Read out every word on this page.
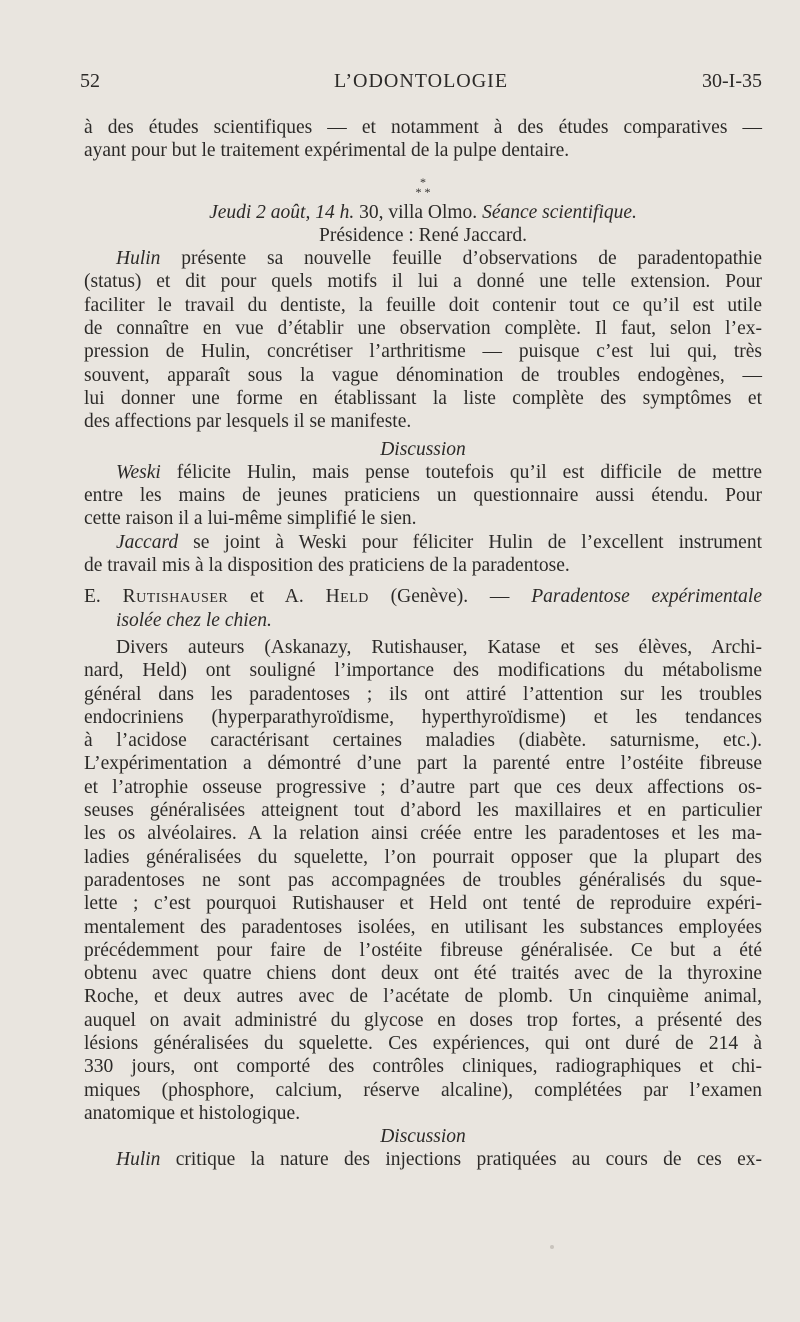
52	L’ODONTOLOGIE	30-I-35

à des études scientifiques — et notamment à des études comparatives —

ayant pour but le traitement expérimental de la pulpe dentaire.

*
* *

Jeudi 2 août, 14 h. 30, villa Olmo. Séance scientifique.

Présidence : René Jaccard.

Hulin présente sa nouvelle feuille d’observations de paradentopathie

(status) et dit pour quels motifs il lui a donné une telle extension. Pour

faciliter le travail du dentiste, la feuille doit contenir tout ce qu’il est utile

de connaître en vue d’établir une observation complète. Il faut, selon l’ex-

pression de Hulin, concrétiser l’arthritisme — puisque c’est lui qui, très

souvent, apparaît sous la vague dénomination de troubles endogènes, —

lui donner une forme en établissant la liste complète des symptômes et

des affections par lesquels il se manifeste.

Discussion

Weski félicite Hulin, mais pense toutefois qu’il est difficile de mettre

entre les mains de jeunes praticiens un questionnaire aussi étendu. Pour

cette raison il a lui-même simplifié le sien.

Jaccard se joint à Weski pour féliciter Hulin de l’excellent instrument

de travail mis à la disposition des praticiens de la paradentose.

E. Rutishauser et A. Held (Genève). — Paradentose expérimentale

isolée chez le chien.

Divers auteurs (Askanazy, Rutishauser, Katase et ses élèves, Archi-

nard, Held) ont souligné l’importance des modifications du métabolisme

général dans les paradentoses ; ils ont attiré l’attention sur les troubles

endocriniens (hyperparathyroïdisme, hyperthyroïdisme) et les tendances

à l’acidose caractérisant certaines maladies (diabète. saturnisme, etc.).

L’expérimentation a démontré d’une part la parenté entre l’ostéite fibreuse

et l’atrophie osseuse progressive ; d’autre part que ces deux affections os-

seuses généralisées atteignent tout d’abord les maxillaires et en particulier

les os alvéolaires. A la relation ainsi créée entre les paradentoses et les ma-

ladies généralisées du squelette, l’on pourrait opposer que la plupart des

paradentoses ne sont pas accompagnées de troubles généralisés du sque-

lette ; c’est pourquoi Rutishauser et Held ont tenté de reproduire expéri-

mentalement des paradentoses isolées, en utilisant les substances employées

précédemment pour faire de l’ostéite fibreuse généralisée. Ce but a été

obtenu avec quatre chiens dont deux ont été traités avec de la thyroxine

Roche, et deux autres avec de l’acétate de plomb. Un cinquième animal,

auquel on avait administré du glycose en doses trop fortes, a présenté des

lésions généralisées du squelette. Ces expériences, qui ont duré de 214 à

330 jours, ont comporté des contrôles cliniques, radiographiques et chi-

miques (phosphore, calcium, réserve alcaline), complétées par l’examen

anatomique et histologique.

Discussion

Hulin critique la nature des injections pratiquées au cours de ces ex-
